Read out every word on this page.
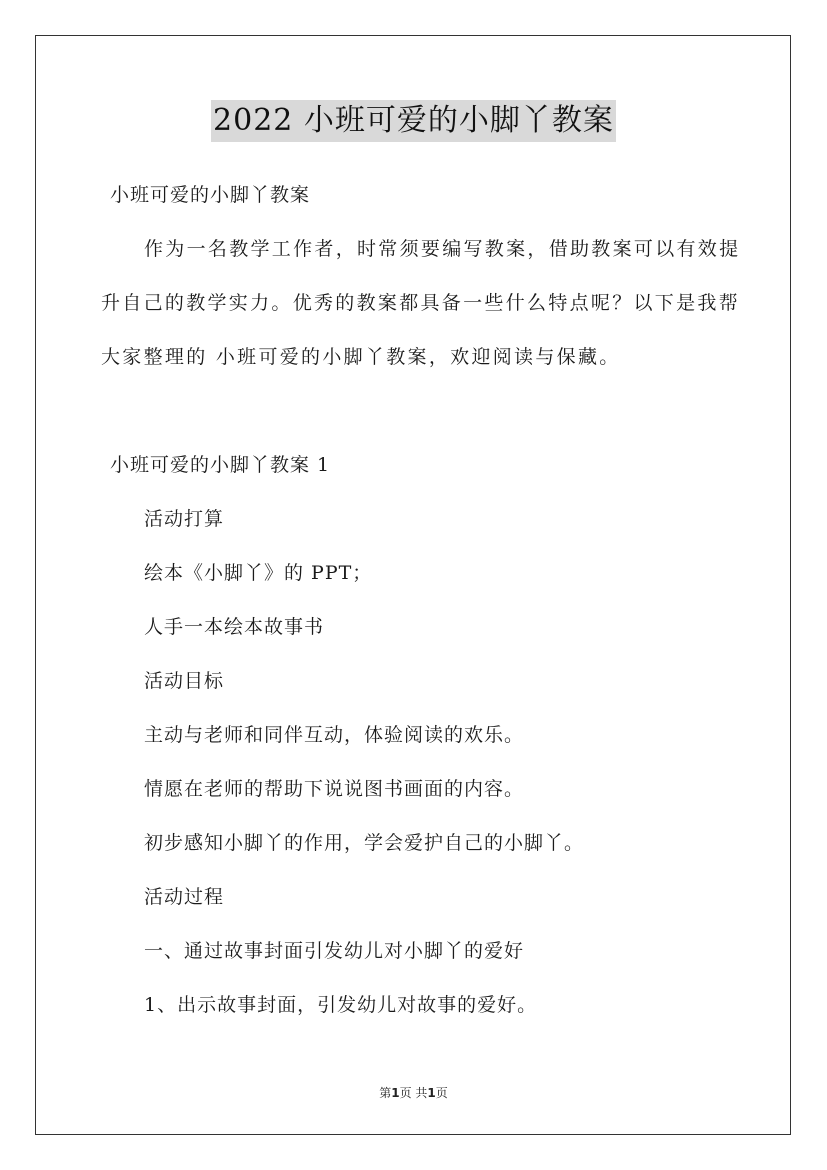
2022 小班可爱的小脚丫教案
小班可爱的小脚丫教案
作为一名教学工作者，时常须要编写教案，借助教案可以有效提
升自己的教学实力。优秀的教案都具备一些什么特点呢？以下是我帮
大家整理的 小班可爱的小脚丫教案，欢迎阅读与保藏。
小班可爱的小脚丫教案 1
活动打算
绘本《小脚丫》的 PPT；
人手一本绘本故事书
活动目标
主动与老师和同伴互动，体验阅读的欢乐。
情愿在老师的帮助下说说图书画面的内容。
初步感知小脚丫的作用，学会爱护自己的小脚丫。
活动过程
一、通过故事封面引发幼儿对小脚丫的爱好
1、出示故事封面，引发幼儿对故事的爱好。
第1页 共1页
